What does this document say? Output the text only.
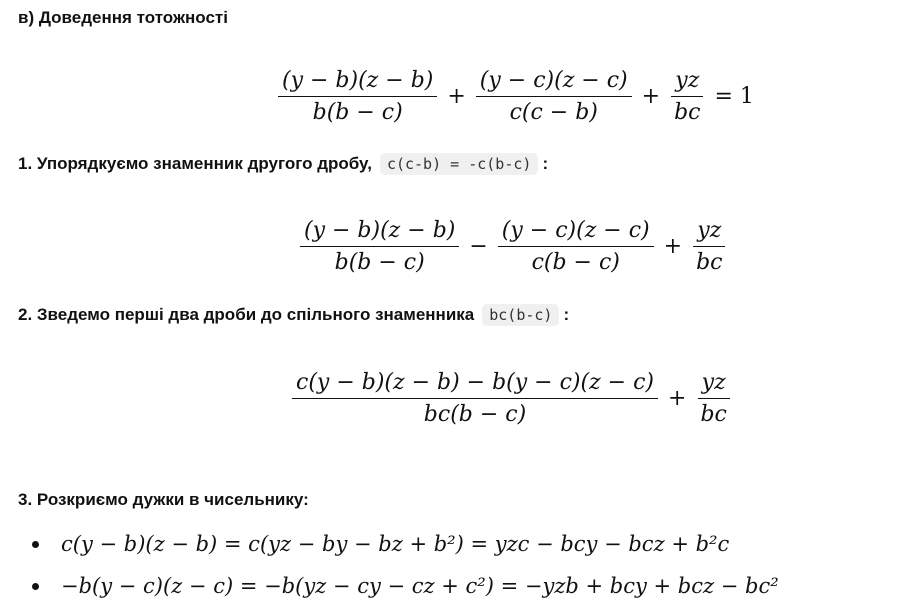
в) Доведення тотожності
$\frac{(y - b)(z - b)}{b(b - c)} + \frac{(y - c)(z - c)}{c(c - b)} + \frac{yz}{bc} = 1$
1. Упорядкуємо знаменник другого дробу,	c(c-b) = -c(b-c) :
$\frac{(y - b)(z - b)}{b(b - c)} - \frac{(y - c)(z - c)}{c(b - c)} + \frac{yz}{bc}$
2. Зведемо перші два дроби до спільного знаменника	bc(b-c) :
$\frac{c(y - b)(z - b) - b(y - c)(z - c)}{bc(b - c)} + \frac{yz}{bc}$
3. Розкриємо дужки в чисельнику:
c(y − b)(z − b) = c(yz − by − bz + b²) = yzc − bcy − bcz + b²c
−b(y − c)(z − c) = −b(yz − cy − cz + c²) = −yzb + bcy + bcz − bc²
